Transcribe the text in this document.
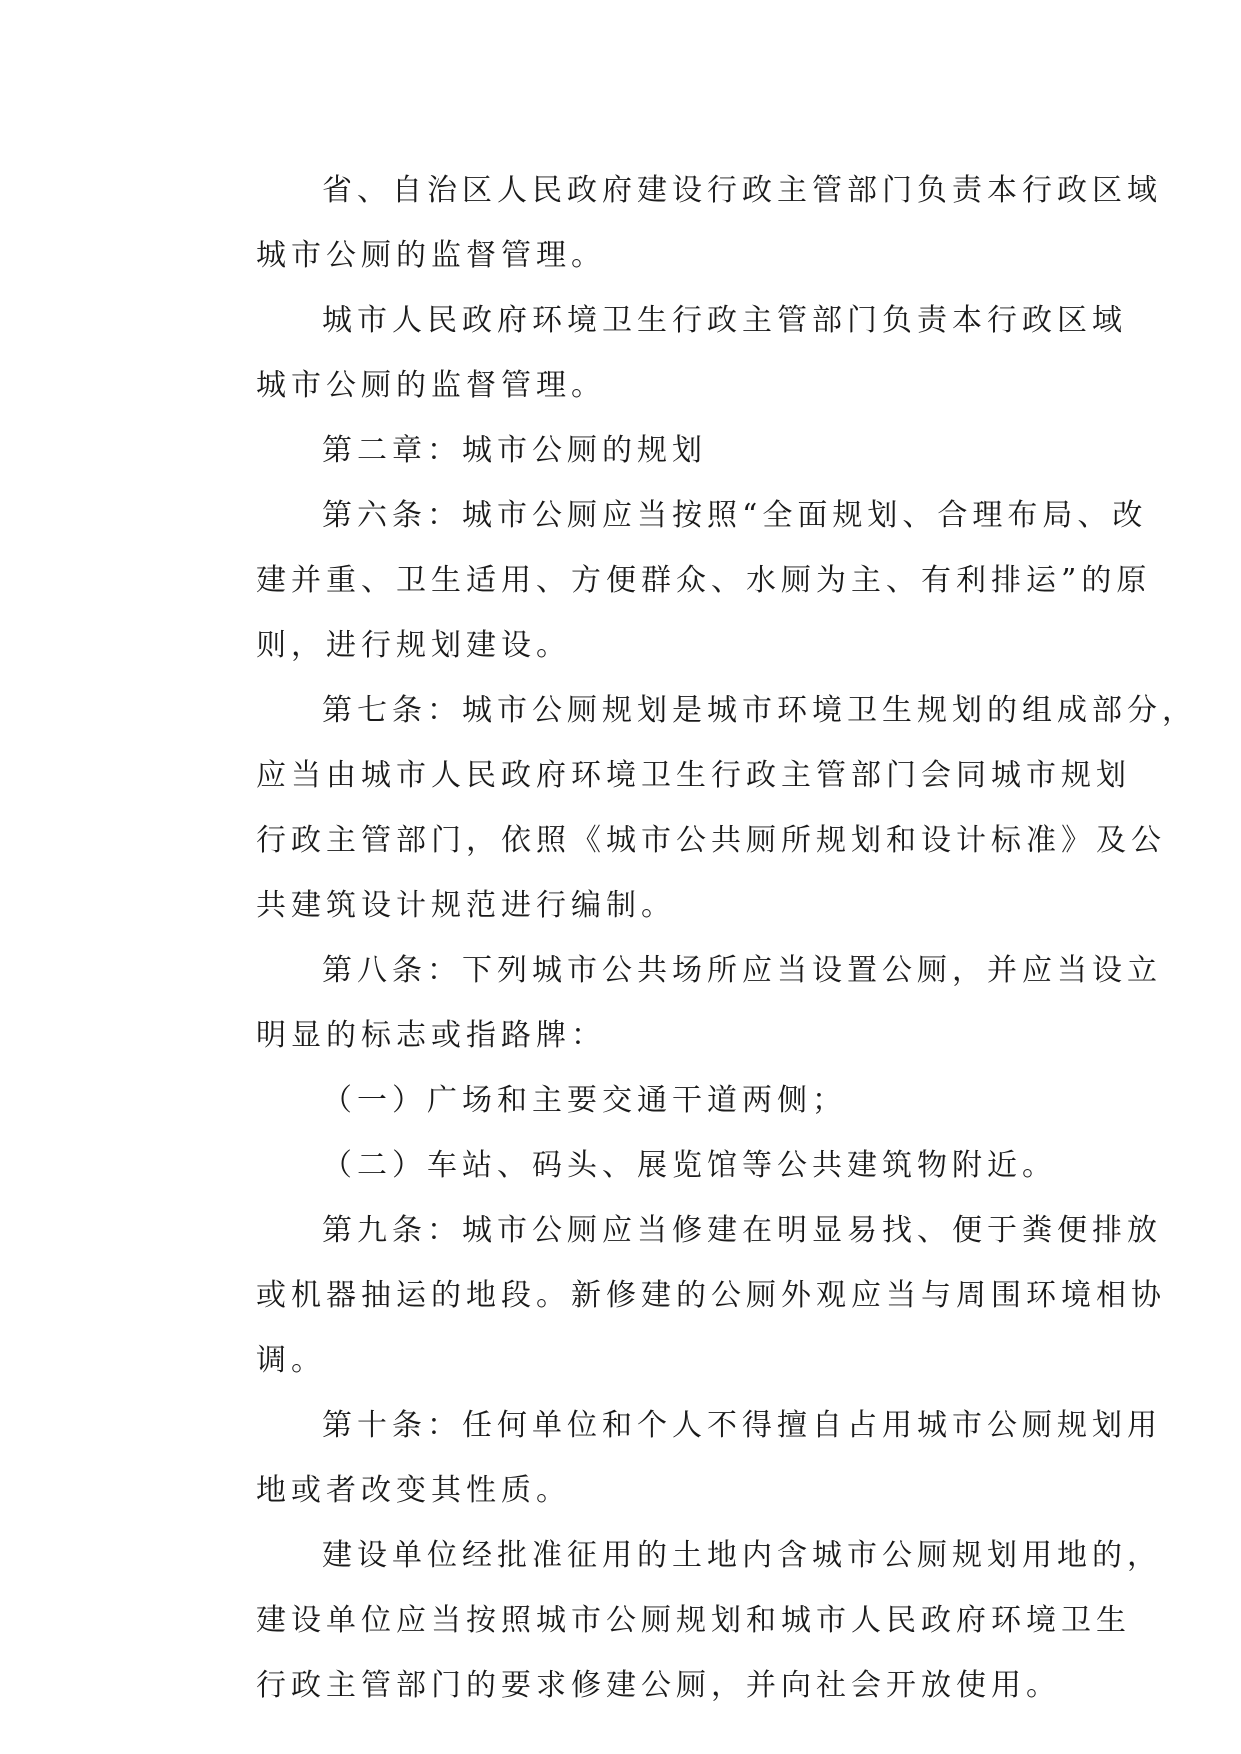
省、自治区人民政府建设行政主管部门负责本行政区域
城市公厕的监督管理。
城市人民政府环境卫生行政主管部门负责本行政区域
城市公厕的监督管理。
第二章：城市公厕的规划
第六条：城市公厕应当按照“全面规划、合理布局、改
建并重、卫生适用、方便群众、水厕为主、有利排运”的原
则，进行规划建设。
第七条：城市公厕规划是城市环境卫生规划的组成部分，
应当由城市人民政府环境卫生行政主管部门会同城市规划
行政主管部门，依照《城市公共厕所规划和设计标准》及公
共建筑设计规范进行编制。
第八条：下列城市公共场所应当设置公厕，并应当设立
明显的标志或指路牌：
（一）广场和主要交通干道两侧；
（二）车站、码头、展览馆等公共建筑物附近。
第九条：城市公厕应当修建在明显易找、便于粪便排放
或机器抽运的地段。新修建的公厕外观应当与周围环境相协
调。
第十条：任何单位和个人不得擅自占用城市公厕规划用
地或者改变其性质。
建设单位经批准征用的土地内含城市公厕规划用地的，
建设单位应当按照城市公厕规划和城市人民政府环境卫生
行政主管部门的要求修建公厕，并向社会开放使用。
